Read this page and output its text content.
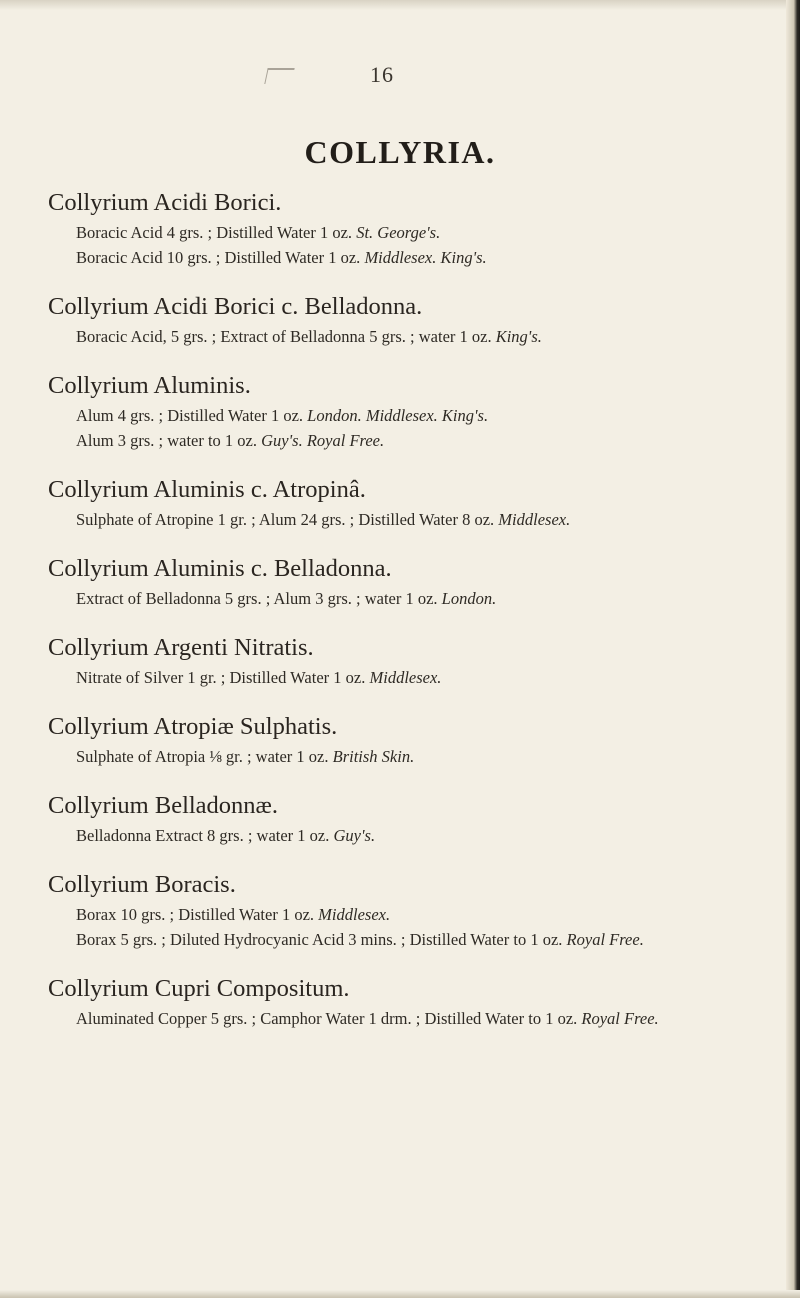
16
COLLYRIA.
Collyrium Acidi Borici.
Boracic Acid 4 grs. ; Distilled Water 1 oz. St. George's.
Boracic Acid 10 grs. ; Distilled Water 1 oz. Middlesex. King's.
Collyrium Acidi Borici c. Belladonna.
Boracic Acid, 5 grs. ; Extract of Belladonna 5 grs. ; water 1 oz. King's.
Collyrium Aluminis.
Alum 4 grs. ; Distilled Water 1 oz. London. Middlesex. King's.
Alum 3 grs. ; water to 1 oz. Guy's. Royal Free.
Collyrium Aluminis c. Atropinâ.
Sulphate of Atropine 1 gr. ; Alum 24 grs. ; Distilled Water 8 oz. Middlesex.
Collyrium Aluminis c. Belladonna.
Extract of Belladonna 5 grs. ; Alum 3 grs. ; water 1 oz. London.
Collyrium Argenti Nitratis.
Nitrate of Silver 1 gr. ; Distilled Water 1 oz. Middlesex.
Collyrium Atropiæ Sulphatis.
Sulphate of Atropia ⅛ gr. ; water 1 oz. British Skin.
Collyrium Belladonnæ.
Belladonna Extract 8 grs. ; water 1 oz. Guy's.
Collyrium Boracis.
Borax 10 grs. ; Distilled Water 1 oz. Middlesex.
Borax 5 grs. ; Diluted Hydrocyanic Acid 3 mins. ; Distilled Water to 1 oz. Royal Free.
Collyrium Cupri Compositum.
Aluminated Copper 5 grs. ; Camphor Water 1 drm. ; Distilled Water to 1 oz. Royal Free.
